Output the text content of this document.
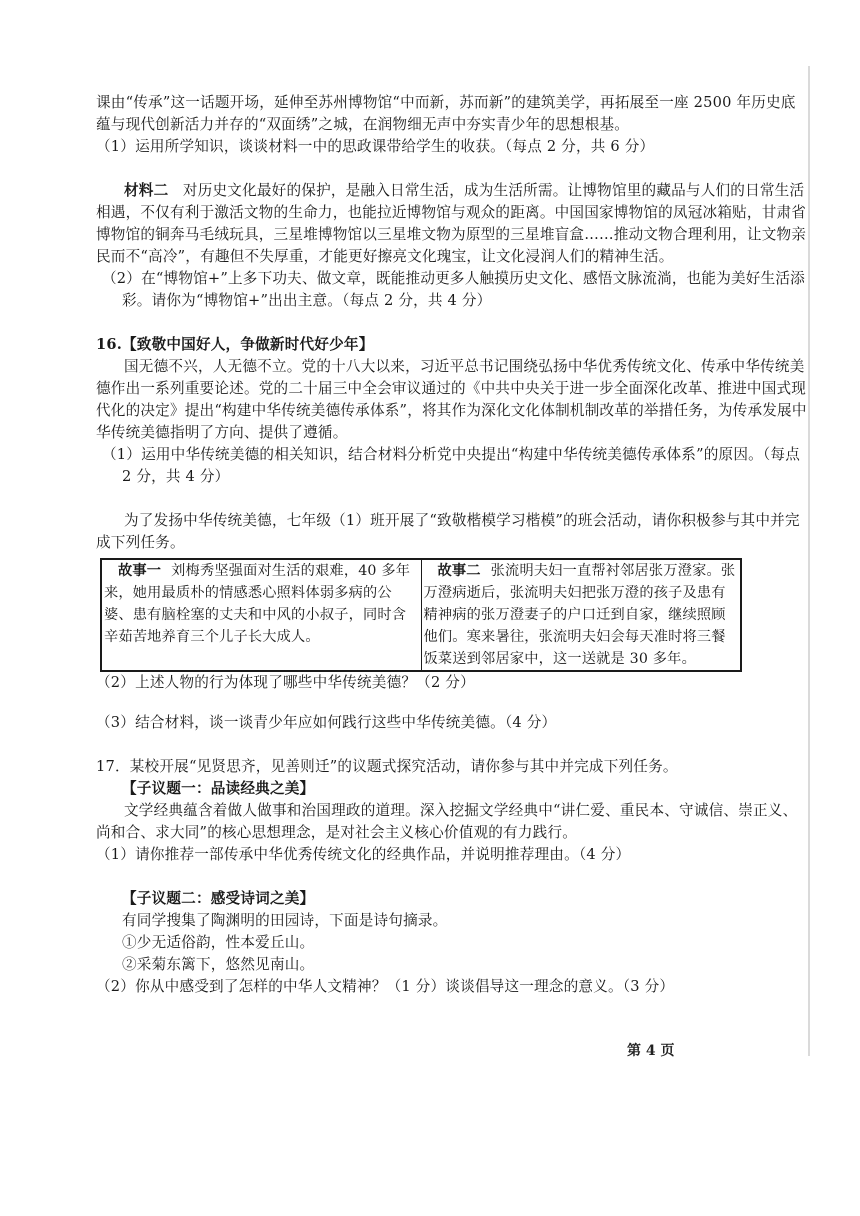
课由“传承”这一话题开场，延伸至苏州博物馆“中而新，苏而新”的建筑美学，再拓展至一座 2500 年历史底蕴与现代创新活力并存的“双面绣”之城，在润物细无声中夯实青少年的思想根基。

（1）运用所学知识，谈谈材料一中的思政课带给学生的收获。（每点 2 分，共 6 分）

材料二 对历史文化最好的保护，是融入日常生活，成为生活所需。让博物馆里的藏品与人们的日常生活相遇，不仅有利于激活文物的生命力，也能拉近博物馆与观众的距离。中国国家博物馆的凤冠冰箱贴，甘肃省博物馆的铜奔马毛绒玩具，三星堆博物馆以三星堆文物为原型的三星堆盲盒……推动文物合理利用，让文物亲民而不“高冷”，有趣但不失厚重，才能更好擦亮文化瑰宝，让文化浸润人们的精神生活。

（2）在“博物馆+”上多下功夫、做文章，既能推动更多人触摸历史文化、感悟文脉流淌，也能为美好生活添彩。请你为“博物馆+”出出主意。（每点 2 分，共 4 分）

16.【致敬中国好人，争做新时代好少年】

国无德不兴，人无德不立。党的十八大以来，习近平总书记围绕弘扬中华优秀传统文化、传承中华传统美德作出一系列重要论述。党的二十届三中全会审议通过的《中共中央关于进一步全面深化改革、推进中国式现代化的决定》提出“构建中华传统美德传承体系”，将其作为深化文化体制机制改革的举措任务，为传承发展中华传统美德指明了方向、提供了遵循。

（1）运用中华传统美德的相关知识，结合材料分析党中央提出“构建中华传统美德传承体系”的原因。（每点 2 分，共 4 分）

为了发扬中华传统美德，七年级（1）班开展了“致敬楷模学习楷模”的班会活动，请你积极参与其中并完成下列任务。

故事一 刘梅秀坚强面对生活的艰难，40 多年来，她用最质朴的情感悉心照料体弱多病的公婆、患有脑栓塞的丈夫和中风的小叔子，同时含辛茹苦地养育三个儿子长大成人。	故事二 张流明夫妇一直帮衬邻居张万澄家。张万澄病逝后，张流明夫妇把张万澄的孩子及患有精神病的张万澄妻子的户口迁到自家，继续照顾他们。寒来暑往，张流明夫妇会每天准时将三餐饭菜送到邻居家中，这一送就是 30 多年。

（2）上述人物的行为体现了哪些中华传统美德？（2 分）

（3）结合材料，谈一谈青少年应如何践行这些中华传统美德。（4 分）

17．某校开展“见贤思齐，见善则迁”的议题式探究活动，请你参与其中并完成下列任务。

【子议题一：品读经典之美】

文学经典蕴含着做人做事和治国理政的道理。深入挖掘文学经典中“讲仁爱、重民本、守诚信、崇正义、尚和合、求大同”的核心思想理念，是对社会主义核心价值观的有力践行。

（1）请你推荐一部传承中华优秀传统文化的经典作品，并说明推荐理由。（4 分）

【子议题二：感受诗词之美】

有同学搜集了陶渊明的田园诗，下面是诗句摘录。

①少无适俗韵，性本爱丘山。

②采菊东篱下，悠然见南山。

（2）你从中感受到了怎样的中华人文精神？（1 分）谈谈倡导这一理念的意义。（3 分）

第 4 页
